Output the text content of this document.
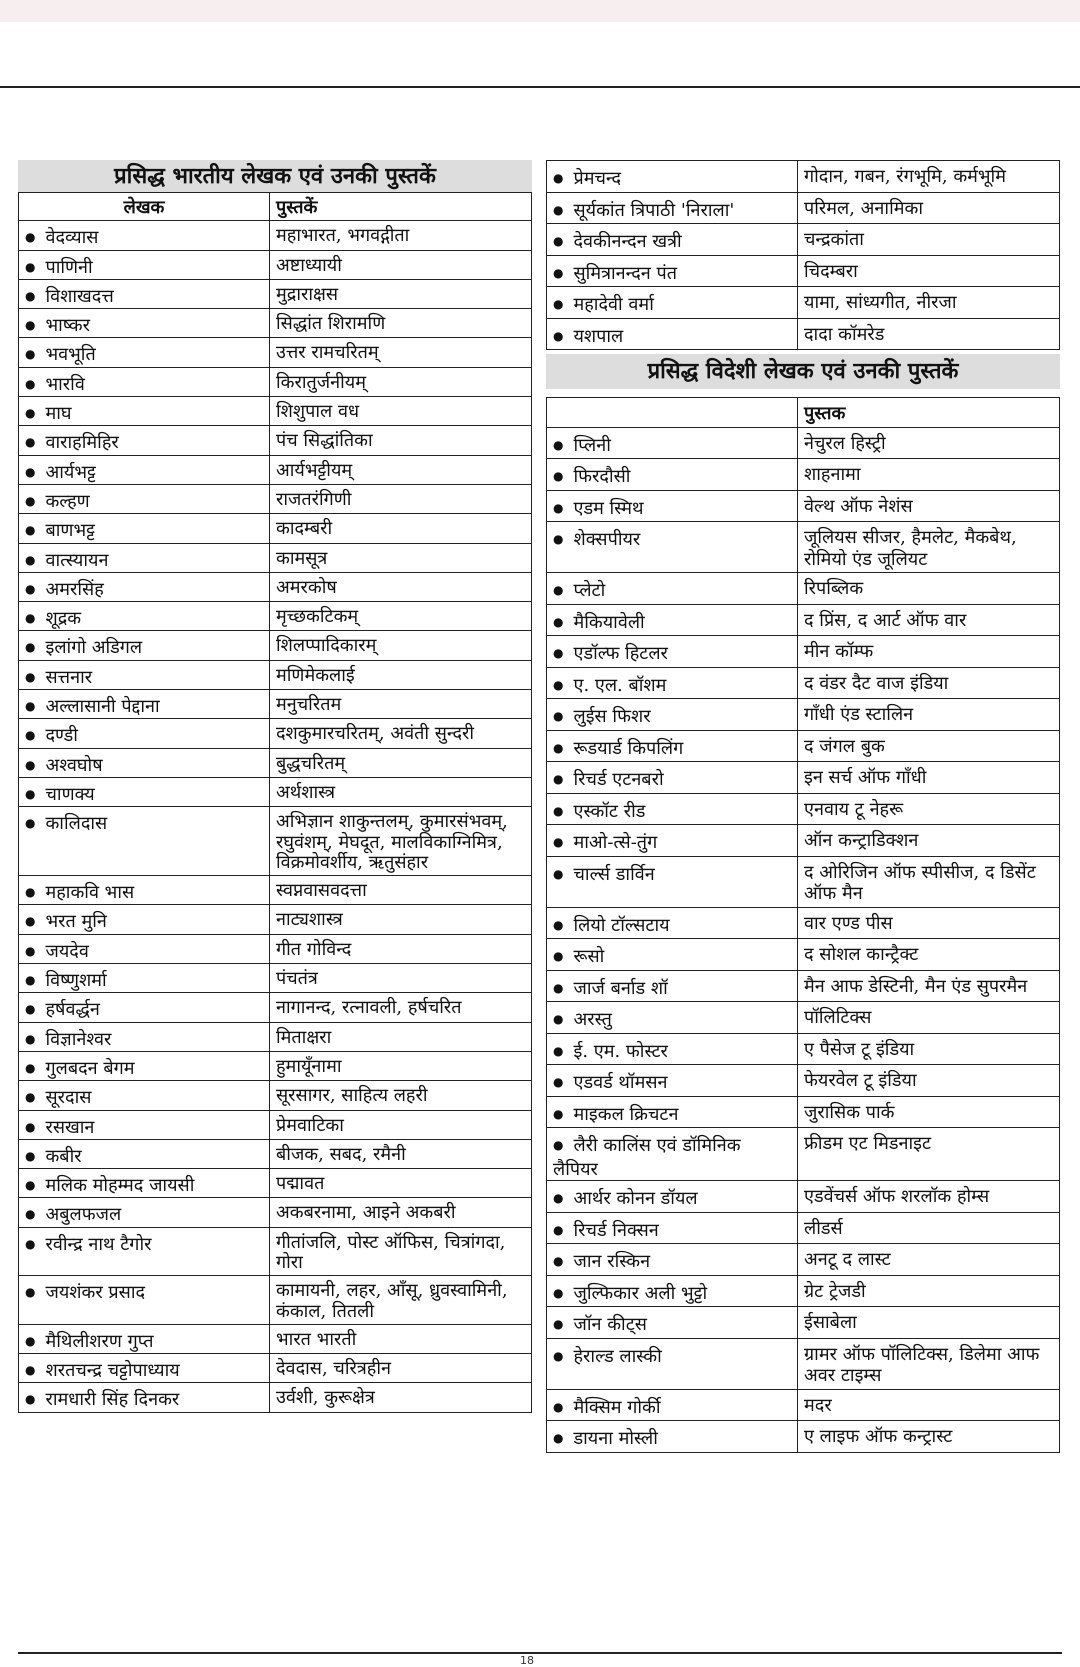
प्रसिद्ध भारतीय लेखक एवं उनकी पुस्तकें
लेखक	पुस्तकें
● वेदव्यास	महाभारत, भगवद्गीता
● पाणिनी	अष्टाध्यायी
● विशाखदत्त	मुद्राराक्षस
● भाष्कर	सिद्धांत शिरामणि
● भवभूति	उत्तर रामचरितम्
● भारवि	किरातुर्जनीयम्
● माघ	शिशुपाल वध
● वाराहमिहिर	पंच सिद्धांतिका
● आर्यभट्ट	आर्यभट्टीयम्
● कल्हण	राजतरंगिणी
● बाणभट्ट	कादम्बरी
● वात्स्यायन	कामसूत्र
● अमरसिंह	अमरकोष
● शूद्रक	मृच्छकटिकम्
● इलांगो अडिगल	शिलप्पादिकारम्
● सत्तनार	मणिमेकलाई
● अल्लासानी पेद्दाना	मनुचरितम
● दण्डी	दशकुमारचरितम्, अवंती सुन्दरी
● अश्वघोष	बुद्धचरितम्
● चाणक्य	अर्थशास्त्र
● कालिदास	अभिज्ञान शाकुन्तलम्, कुमारसंभवम्, रघुवंशम्, मेघदूत, मालविकाग्निमित्र, विक्रमोवर्शीय, ऋतुसंहार
● महाकवि भास	स्वप्नवासवदत्ता
● भरत मुनि	नाट्यशास्त्र
● जयदेव	गीत गोविन्द
● विष्णुशर्मा	पंचतंत्र
● हर्षवर्द्धन	नागानन्द, रत्नावली, हर्षचरित
● विज्ञानेश्वर	मिताक्षरा
● गुलबदन बेगम	हुमायूँनामा
● सूरदास	सूरसागर, साहित्य लहरी
● रसखान	प्रेमवाटिका
● कबीर	बीजक, सबद, रमैनी
● मलिक मोहम्मद जायसी	पद्मावत
● अबुलफजल	अकबरनामा, आइने अकबरी
● रवीन्द्र नाथ टैगोर	गीतांजलि, पोस्ट ऑफिस, चित्रांगदा, गोरा
● जयशंकर प्रसाद	कामायनी, लहर, आँसू, ध्रुवस्वामिनी, कंकाल, तितली
● मैथिलीशरण गुप्त	भारत भारती
● शरतचन्द्र चट्टोपाध्याय	देवदास, चरित्रहीन
● रामधारी सिंह दिनकर	उर्वशी, कुरूक्षेत्र
● प्रेमचन्द	गोदान, गबन, रंगभूमि, कर्मभूमि
● सूर्यकांत त्रिपाठी 'निराला'	परिमल, अनामिका
● देवकीनन्दन खत्री	चन्द्रकांता
● सुमित्रानन्दन पंत	चिदम्बरा
● महादेवी वर्मा	यामा, सांध्यगीत, नीरजा
● यशपाल	दादा कॉमरेड
प्रसिद्ध विदेशी लेखक एवं उनकी पुस्तकें
	पुस्तक
● प्लिनी	नेचुरल हिस्ट्री
● फिरदौसी	शाहनामा
● एडम स्मिथ	वेल्थ ऑफ नेशंस
● शेक्सपीयर	जूलियस सीजर, हैमलेट, मैकबेथ, रोमियो एंड जूलियट
● प्लेटो	रिपब्लिक
● मैकियावेली	द प्रिंस, द आर्ट ऑफ वार
● एडॉल्फ हिटलर	मीन कॉम्फ
● ए. एल. बॉशम	द वंडर दैट वाज इंडिया
● लुईस फिशर	गाँधी एंड स्टालिन
● रूडयार्ड किपलिंग	द जंगल बुक
● रिचर्ड एटनबरो	इन सर्च ऑफ गाँधी
● एस्कॉट रीड	एनवाय टू नेहरू
● माओ-त्से-तुंग	ऑन कन्ट्राडिक्शन
● चार्ल्स डार्विन	द ओरिजिन ऑफ स्पीसीज, द डिसेंट ऑफ मैन
● लियो टॉल्सटाय	वार एण्ड पीस
● रूसो	द सोशल कान्ट्रैक्ट
● जार्ज बर्नाड शॉ	मैन आफ डेस्टिनी, मैन एंड सुपरमैन
● अरस्तु	पॉलिटिक्स
● ई. एम. फोस्टर	ए पैसेज टू इंडिया
● एडवर्ड थॉमसन	फेयरवेल टू इंडिया
● माइकल क्रिचटन	जुरासिक पार्क
● लैरी कालिंस एवं डॉमिनिक लैपियर	फ्रीडम एट मिडनाइट
● आर्थर कोनन डॉयल	एडवेंचर्स ऑफ शरलॉक होम्स
● रिचर्ड निक्सन	लीडर्स
● जान रस्किन	अनटू द लास्ट
● जुल्फिकार अली भुट्टो	ग्रेट ट्रेजडी
● जॉन कीट्स	ईसाबेला
● हेराल्ड लास्की	ग्रामर ऑफ पॉलिटिक्स, डिलेमा आफ अवर टाइम्स
● मैक्सिम गोर्की	मदर
● डायना मोस्ली	ए लाइफ ऑफ कन्ट्रास्ट
18
